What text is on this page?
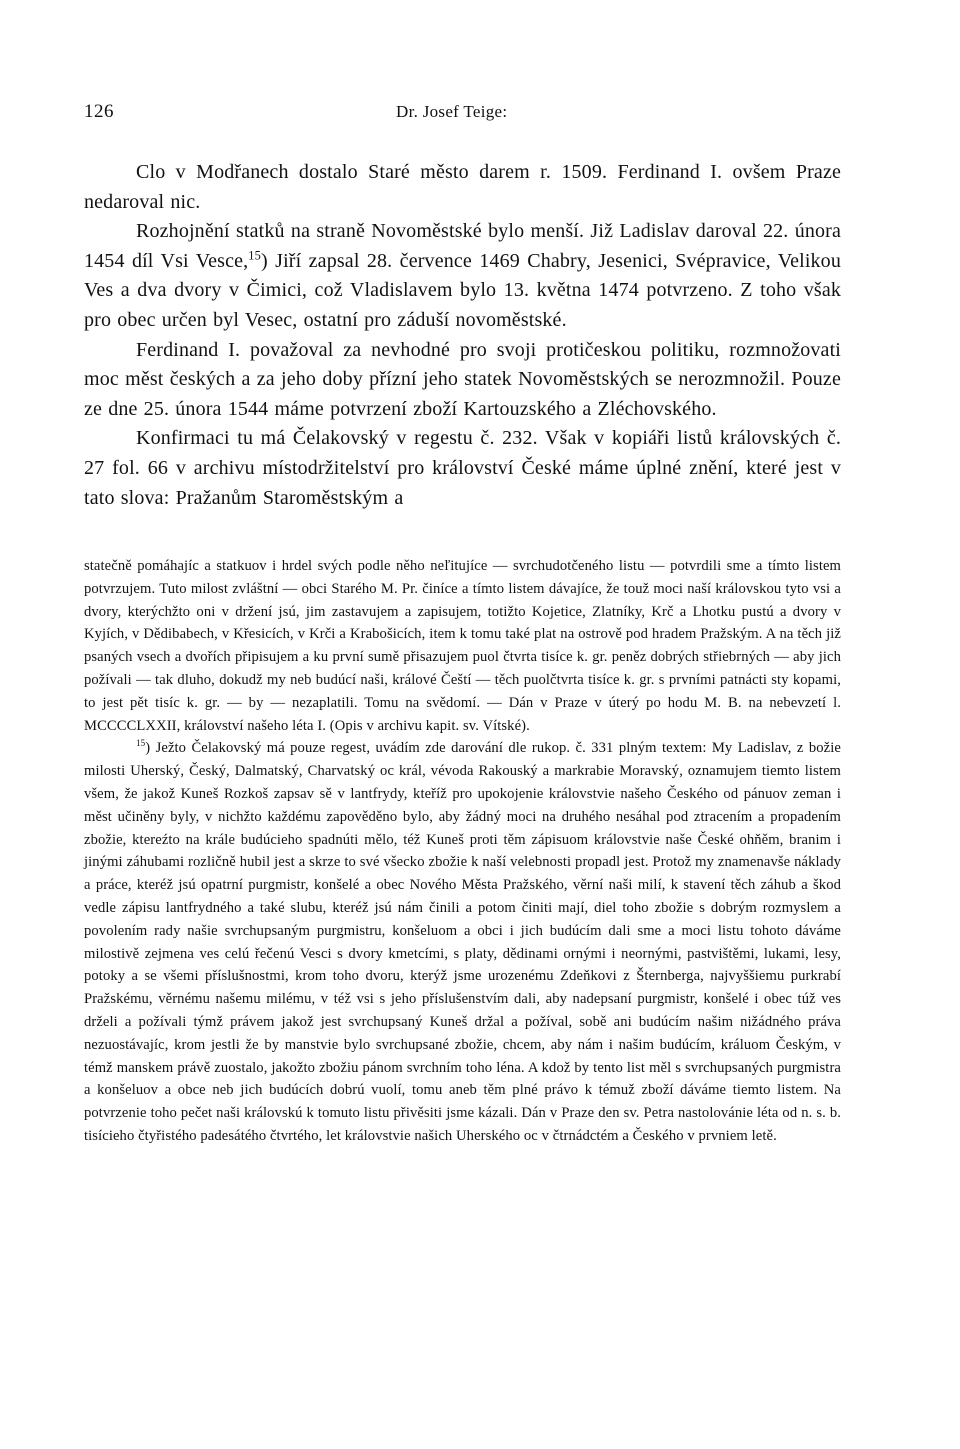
126	Dr. Josef Teige:

Clo v Modřanech dostalo Staré město darem r. 1509. Ferdinand I. ovšem Praze nedaroval nic.

Rozhojnění statků na straně Novoměstské bylo menší. Již Ladislav daroval 22. února 1454 díl Vsi Vesce,$^{15}$) Jiří zapsal 28. července 1469 Chabry, Jesenici, Svépravice, Velikou Ves a dva dvory v Čimici, což Vladislavem bylo 13. května 1474 potvrzeno. Z toho však pro obec určen byl Vesec, ostatní pro záduší novoměstské.

Ferdinand I. považoval za nevhodné pro svoji protičeskou politiku, rozmnožovati moc měst českých a za jeho doby přízní jeho statek Novoměstských se nerozmnožil. Pouze ze dne 25. února 1544 máme potvrzení zboží Kartouzského a Zléchovského.

Konfirmaci tu má Čelakovský v regestu č. 232. Však v kopiáři listů královských č. 27 fol. 66 v archivu místodržitelství pro království České máme úplné znění, které jest v tato slova: Pražanům Staroměstským a

statečně pomáhajíc a statkuov i hrdel svých podle něho neľitujíce — svrchudotčeného listu — potvrdili sme a tímto listem potvrzujem. Tuto milost zvláštní — obci Starého M. Pr. činíce a tímto listem dávajíce, že touž moci naší královskou tyto vsi a dvory, kterýchžto oni v držení jsú, jim zastavujem a zapisujem, totižto Kojetice, Zlatníky, Krč a Lhotku pustú a dvory v Kyjích, v Dědibabech, v Křesicích, v Krči a Krabošicích, item k tomu také plat na ostrově pod hradem Pražským. A na těch již psaných vsech a dvořích připisujem a ku první sumě přisazujem puol čtvrta tisíce k. gr. peněz dobrých střiebrných — aby jich požívali — tak dluho, dokudž my neb budúcí naši, králové Čeští — těch puolčtvrta tisíce k. gr. s prvními patnácti sty kopami, to jest pět tisíc k. gr. — by — nezaplatili. Tomu na svědomí. — Dán v Praze v úterý po hodu M. B. na nebevzetí l. MCCCCLXXII, království našeho léta I. (Opis v archivu kapit. sv. Vítské).

$^{15}$) Ježto Čelakovský má pouze regest, uvádím zde darování dle rukop. č. 331 plným textem: My Ladislav, z božie milosti Uherský, Český, Dalmatský, Charvatský oc král, vévoda Rakouský a markrabie Moravský, oznamujem tiemto listem všem, že jakož Kuneš Rozkoš zapsav sě v lantfrydy, kteříž pro upokojenie královstvie našeho Českého od pánuov zeman i měst učiněny byly, v nichžto každému zapověděno bylo, aby žádný moci na druhého nesáhal pod ztracením a propadením zbožie, ktereźto na krále budúcieho spadnúti mělo, též Kuneš proti těm zápisuom královstvie naše České ohňěm, branim i jinými záhubami rozličně hubil jest a skrze to své všecko zbožie k naší velebnosti propadl jest. Protož my znamenavše náklady a práce, kteréž jsú opatrní purgmistr, konšelé a obec Nového Města Pražského, věrní naši milí, k stavení těch záhub a škod vedle zápisu lantfrydného a také slubu, kteréž jsú nám činili a potom činiti mají, diel toho zbožie s dobrým rozmyslem a povolením rady našie svrchupsaným purgmistru, konšeluom a obci i jich budúcím dali sme a moci listu tohoto dáváme milostivě zejmena ves celú řečenú Vesci s dvory kmetcími, s platy, dědinami ornými i neornými, pastvištěmi, lukami, lesy, potoky a se všemi příslušnostmi, krom toho dvoru, kterýž jsme urozenému Zdeňkovi z Šternberga, najvyššiemu purkrabí Pražskému, věrnému našemu milému, v též vsi s jeho příslušenstvím dali, aby nadepsaní purgmistr, konšelé i obec túž ves drželi a požívali týmž právem jakož jest svrchupsaný Kuneš držal a požíval, sobě ani budúcím našim nižádného práva nezuostávajíc, krom jestli že by manstvie bylo svrchupsané zbožie, chcem, aby nám i našim budúcím, králuom Českým, v témž manskem právě zuostalo, jakožto zbožiu pánom svrchním toho léna. A kdož by tento list měl s svrchupsaných purgmistra a konšeluov a obce neb jich budúcích dobrú vuolí, tomu aneb těm plné právo k témuž zboží dáváme tiemto listem. Na potvrzenie toho pečet naši královskú k tomuto listu přivěsiti jsme kázali. Dán v Praze den sv. Petra nastolovánie léta od n. s. b. tisícieho čtyřistého padesátého čtvrtého, let královstvie našich Uherského oc v čtrnádctém a Českého v prvniem letě.
